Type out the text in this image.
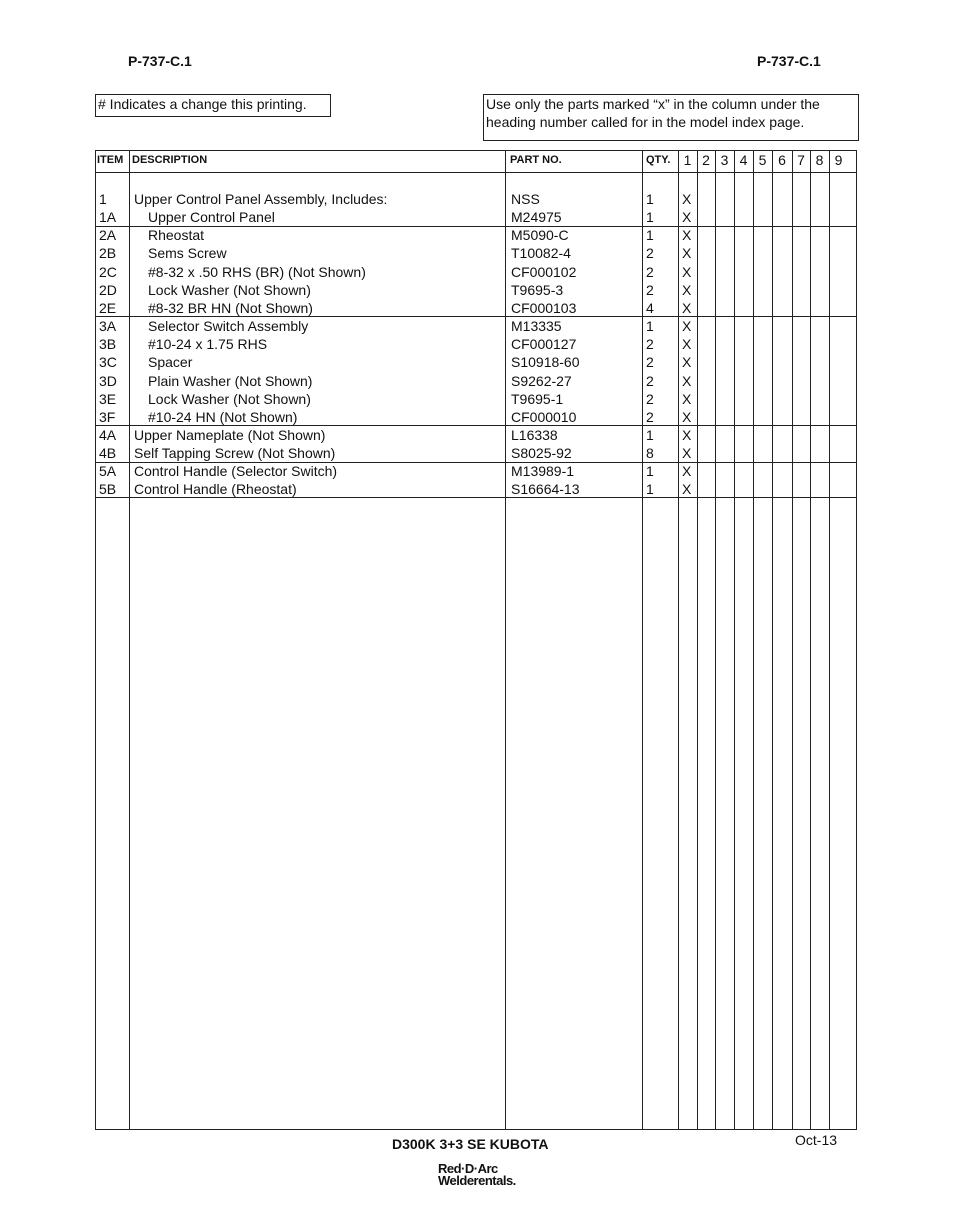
P-737-C.1	P-737-C.1
# Indicates a change this printing.	Use only the parts marked “x” in the column under the heading number called for in the model index page.
ITEM DESCRIPTION	PART NO.	QTY. 1 2 3 4 5 6 7 8 9
1 Upper Control Panel Assembly, Includes:	NSS	1 X
1A Upper Control Panel	M24975	1 X
2A Rheostat	M5090-C	1 X
2B Sems Screw	T10082-4	2 X
2C #8-32 x .50 RHS (BR) (Not Shown)	CF000102	2 X
2D Lock Washer (Not Shown)	T9695-3	2 X
2E #8-32 BR HN (Not Shown)	CF000103	4 X
3A Selector Switch Assembly	M13335	1 X
3B #10-24 x 1.75 RHS	CF000127	2 X
3C Spacer	S10918-60	2 X
3D Plain Washer (Not Shown)	S9262-27	2 X
3E Lock Washer (Not Shown)	T9695-1	2 X
3F #10-24 HN (Not Shown)	CF000010	2 X
4A Upper Nameplate (Not Shown)	L16338	1 X
4B Self Tapping Screw (Not Shown)	S8025-92	8 X
5A Control Handle (Selector Switch)	M13989-1	1 X
5B Control Handle (Rheostat)	S16664-13	1 X
D300K 3+3 SE KUBOTA	Oct-13
Red·D·Arc
Welderentals.
